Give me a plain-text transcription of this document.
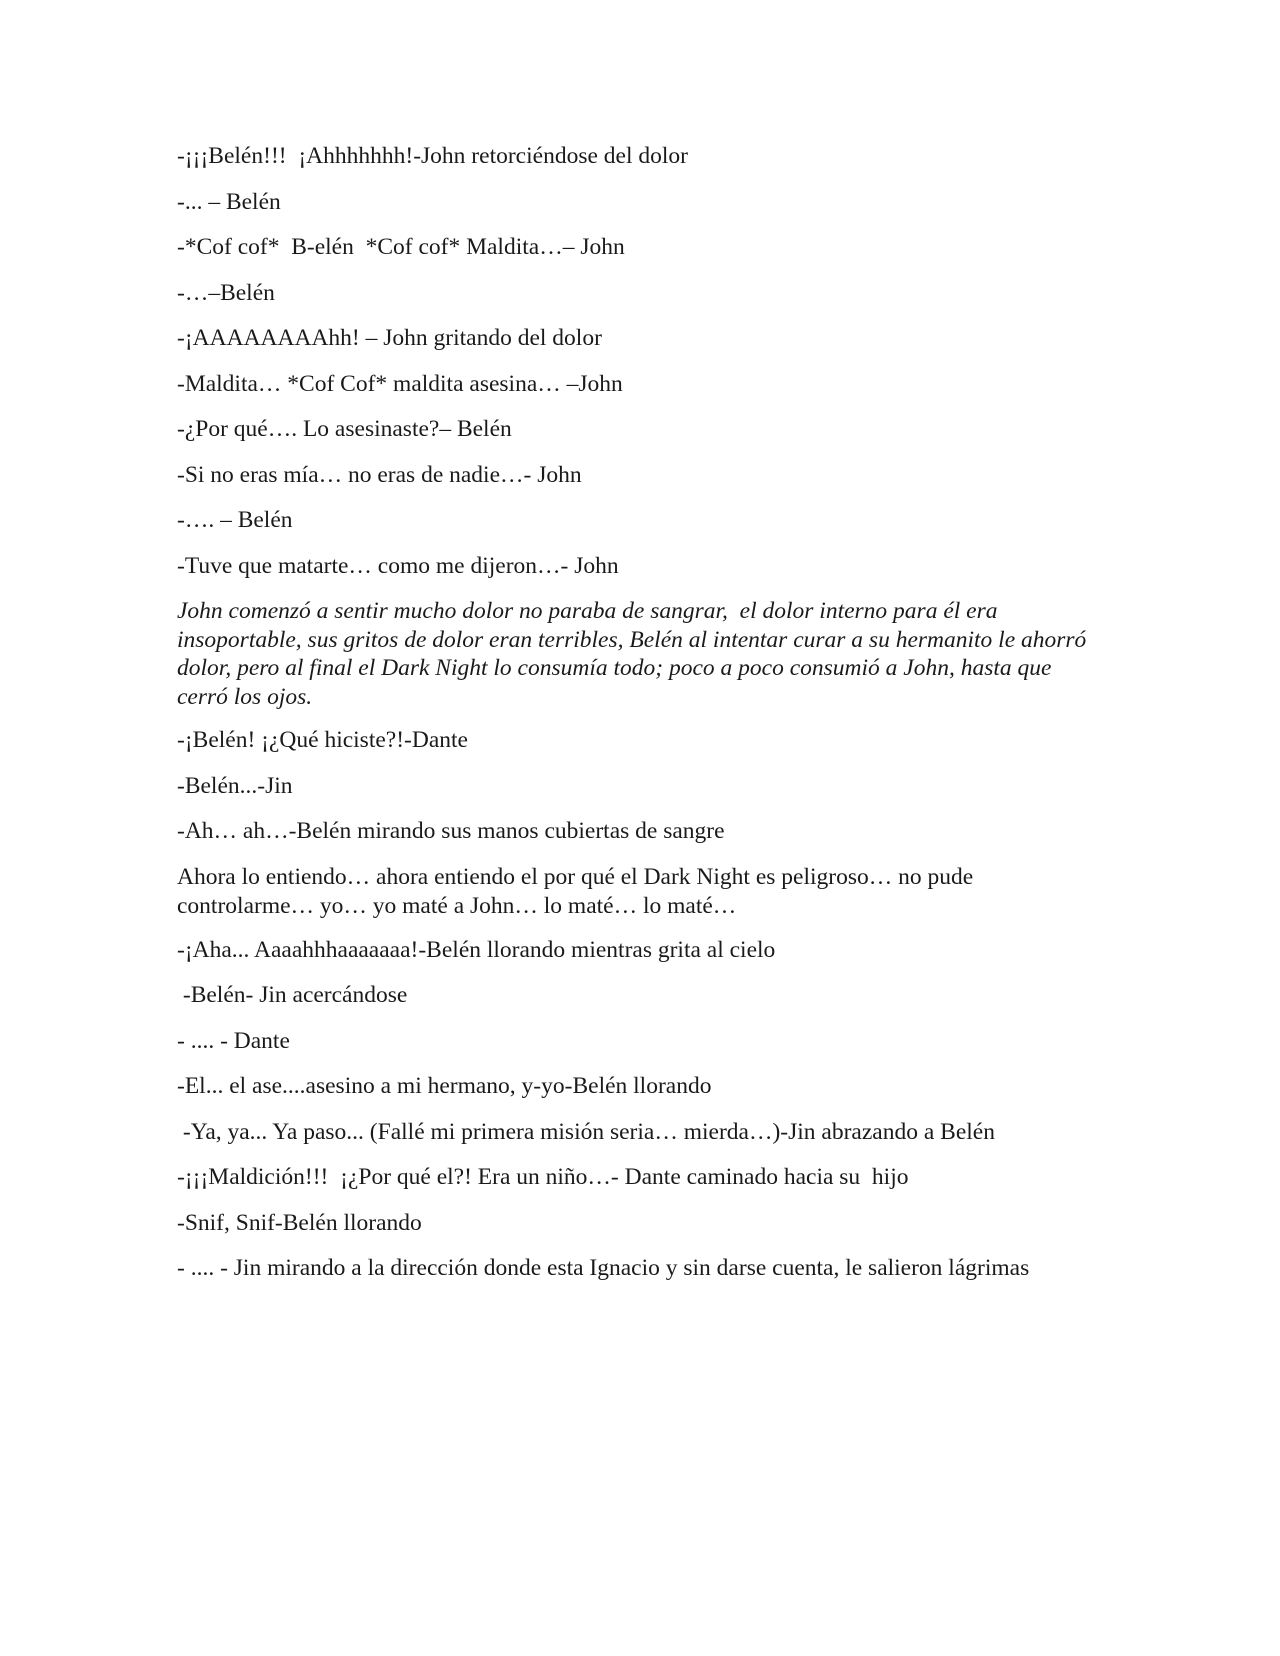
-¡¡¡Belén!!!  ¡Ahhhhhhh!-John retorciéndose del dolor

-... – Belén

-*Cof cof*  B-elén  *Cof cof* Maldita…– John

-…–Belén

-¡AAAAAAAAhh! – John gritando del dolor

-Maldita… *Cof Cof* maldita asesina… –John

-¿Por qué…. Lo asesinaste?– Belén

-Si no eras mía… no eras de nadie…- John

-…. – Belén

-Tuve que matarte… como me dijeron…- John

John comenzó a sentir mucho dolor no paraba de sangrar,  el dolor interno para él era insoportable, sus gritos de dolor eran terribles, Belén al intentar curar a su hermanito le ahorró dolor, pero al final el Dark Night lo consumía todo; poco a poco consumió a John, hasta que cerró los ojos.

-¡Belén! ¡¿Qué hiciste?!-Dante

-Belén...-Jin

-Ah… ah…-Belén mirando sus manos cubiertas de sangre

Ahora lo entiendo… ahora entiendo el por qué el Dark Night es peligroso… no pude controlarme… yo… yo maté a John… lo maté… lo maté…

-¡Aha... Aaaahhhaaaaaaa!-Belén llorando mientras grita al cielo

-Belén- Jin acercándose

- .... - Dante

-El... el ase....asesino a mi hermano, y-yo-Belén llorando

-Ya, ya... Ya paso... (Fallé mi primera misión seria… mierda…)-Jin abrazando a Belén

-¡¡¡Maldición!!!  ¡¿Por qué el?! Era un niño…- Dante caminado hacia su  hijo

-Snif, Snif-Belén llorando

- .... - Jin mirando a la dirección donde esta Ignacio y sin darse cuenta, le salieron lágrimas
